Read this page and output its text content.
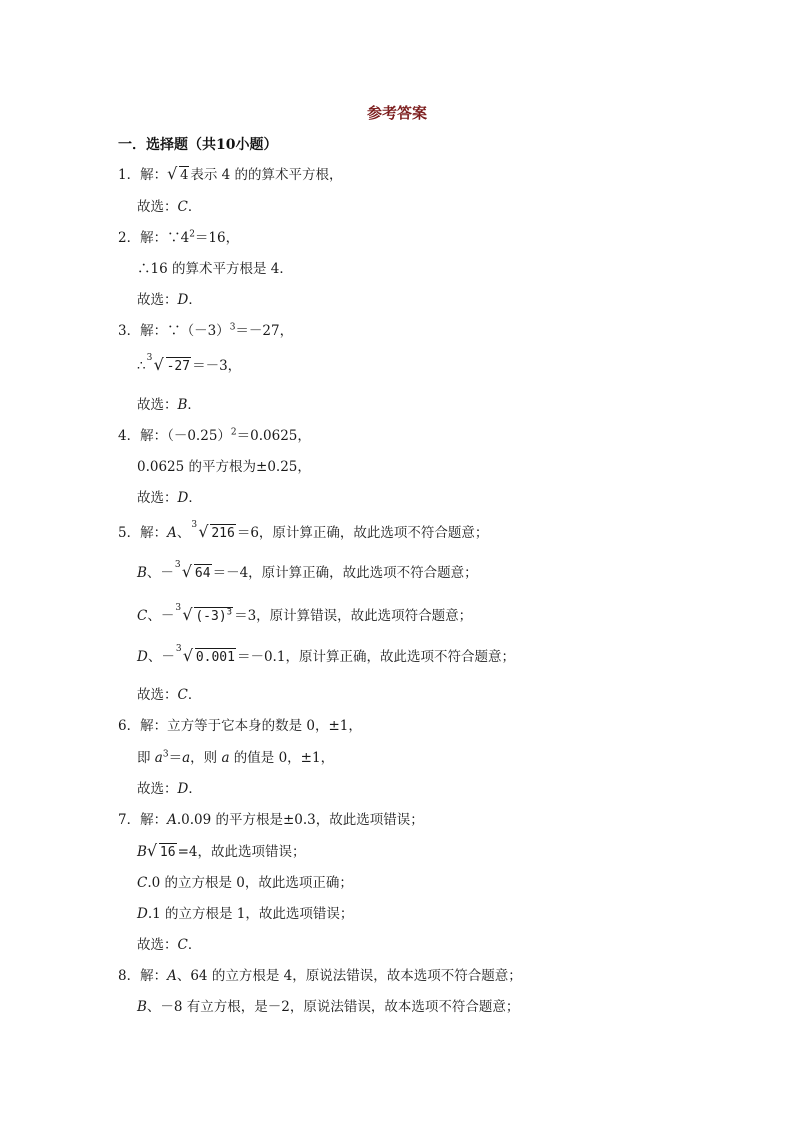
参考答案
一．选择题（共10小题）
1．解： √ 4 表示 4 的的算术平方根，
故选：C．
2．解：$\because 4^2=16$，
∴16 的算术平方根是 4．
故选：D．
3．解：$\because(-3)^3=-27$，
∴ 3 √ -27 ＝－3，
故选：B．
4．解：$(-0.25)^2=0.0625$，
0.0625 的平方根为±0.25，
故选：D．
5．解：A、 3 √ 216 ＝6，原计算正确，故此选项不符合题意；
B、－ 3 √ 64 ＝－4，原计算正确，故此选项不符合题意；
C、－ 3 √ $(-3)^3 =3$，原计算错误，故此选项符合题意；
D、－ 3 √ 0.001 ＝－0.1，原计算正确，故此选项不符合题意；
故选：C．
6．解：立方等于它本身的数是 0，±1，
即 $a^3=a$，则 a 的值是 0，±1，
故选：D．
7．解：A.0.09 的平方根是±0.3，故此选项错误；
B √ 16 =4，故此选项错误；
C.0 的立方根是 0，故此选项正确；
D.1 的立方根是 1，故此选项错误；
故选：C．
8．解：A、64 的立方根是 4，原说法错误，故本选项不符合题意；
B、－8 有立方根，是－2，原说法错误，故本选项不符合题意；
